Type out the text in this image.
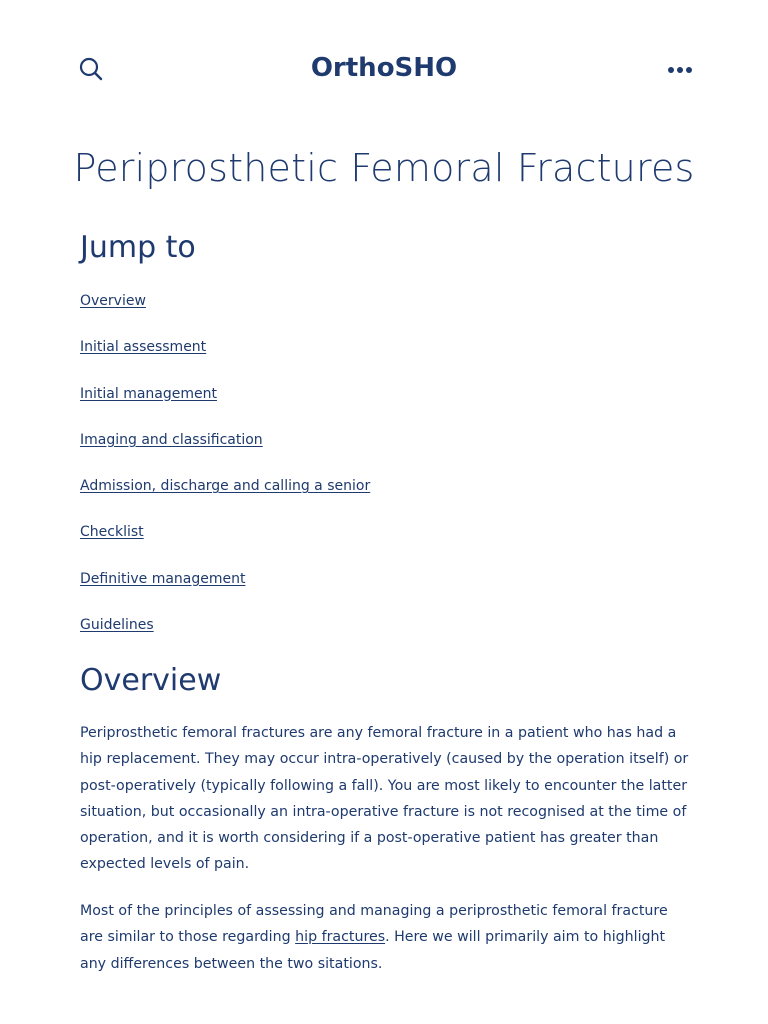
OrthoSHO
Periprosthetic Femoral Fractures
Jump to
Overview
Initial assessment
Initial management
Imaging and classification
Admission, discharge and calling a senior
Checklist
Definitive management
Guidelines
Overview

Periprosthetic femoral fractures are any femoral fracture in a patient who has had a hip replacement. They may occur intra-operatively (caused by the operation itself) or post-operatively (typically following a fall). You are most likely to encounter the latter situation, but occasionally an intra-operative fracture is not recognised at the time of operation, and it is worth considering if a post-operative patient has greater than expected levels of pain.

Most of the principles of assessing and managing a periprosthetic femoral fracture are similar to those regarding hip fractures. Here we will primarily aim to highlight any differences between the two sitations.
